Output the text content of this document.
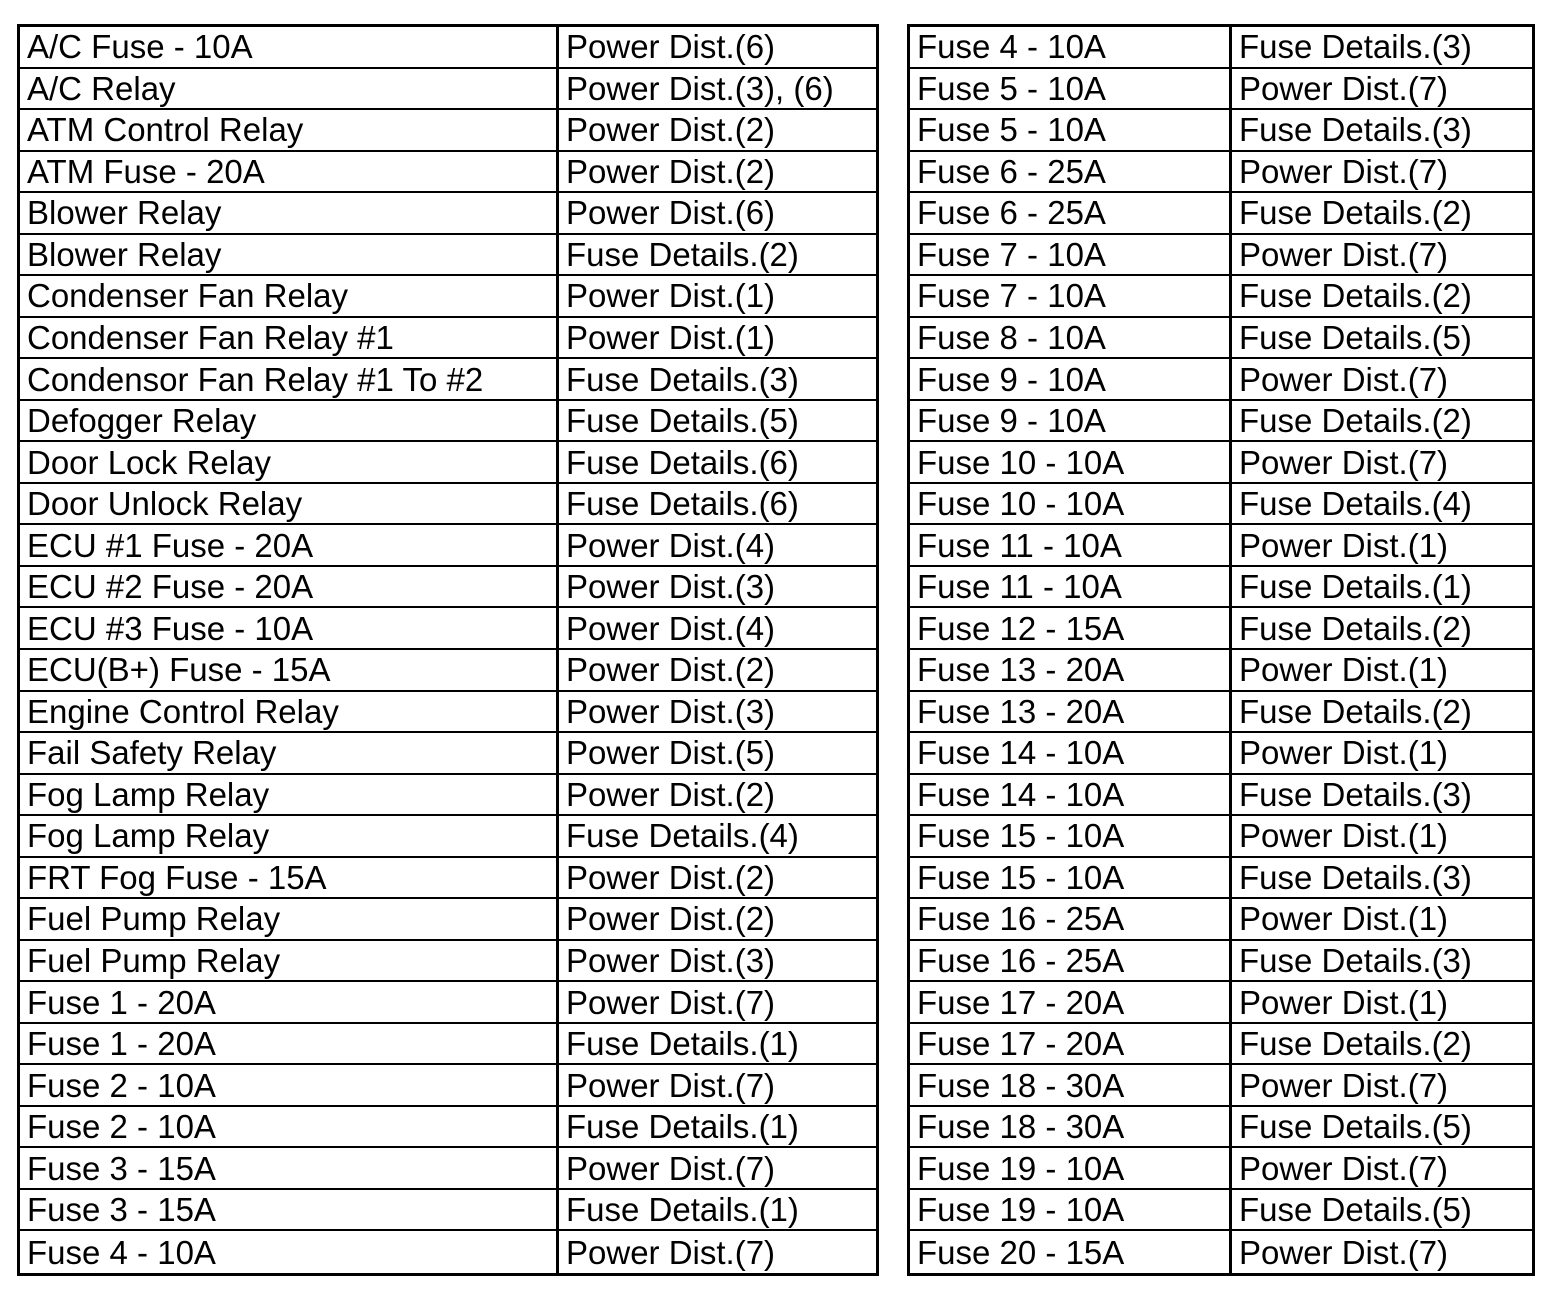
A/C Fuse - 10A	Power Dist.(6)
A/C Relay	Power Dist.(3), (6)
ATM Control Relay	Power Dist.(2)
ATM Fuse - 20A	Power Dist.(2)
Blower Relay	Power Dist.(6)
Blower Relay	Fuse Details.(2)
Condenser Fan Relay	Power Dist.(1)
Condenser Fan Relay #1	Power Dist.(1)
Condensor Fan Relay #1 To #2	Fuse Details.(3)
Defogger Relay	Fuse Details.(5)
Door Lock Relay	Fuse Details.(6)
Door Unlock Relay	Fuse Details.(6)
ECU #1 Fuse - 20A	Power Dist.(4)
ECU #2 Fuse - 20A	Power Dist.(3)
ECU #3 Fuse - 10A	Power Dist.(4)
ECU(B+) Fuse - 15A	Power Dist.(2)
Engine Control Relay	Power Dist.(3)
Fail Safety Relay	Power Dist.(5)
Fog Lamp Relay	Power Dist.(2)
Fog Lamp Relay	Fuse Details.(4)
FRT Fog Fuse - 15A	Power Dist.(2)
Fuel Pump Relay	Power Dist.(2)
Fuel Pump Relay	Power Dist.(3)
Fuse 1 - 20A	Power Dist.(7)
Fuse 1 - 20A	Fuse Details.(1)
Fuse 2 - 10A	Power Dist.(7)
Fuse 2 - 10A	Fuse Details.(1)
Fuse 3 - 15A	Power Dist.(7)
Fuse 3 - 15A	Fuse Details.(1)
Fuse 4 - 10A	Power Dist.(7)
Fuse 4 - 10A	Fuse Details.(3)
Fuse 5 - 10A	Power Dist.(7)
Fuse 5 - 10A	Fuse Details.(3)
Fuse 6 - 25A	Power Dist.(7)
Fuse 6 - 25A	Fuse Details.(2)
Fuse 7 - 10A	Power Dist.(7)
Fuse 7 - 10A	Fuse Details.(2)
Fuse 8 - 10A	Fuse Details.(5)
Fuse 9 - 10A	Power Dist.(7)
Fuse 9 - 10A	Fuse Details.(2)
Fuse 10 - 10A	Power Dist.(7)
Fuse 10 - 10A	Fuse Details.(4)
Fuse 11 - 10A	Power Dist.(1)
Fuse 11 - 10A	Fuse Details.(1)
Fuse 12 - 15A	Fuse Details.(2)
Fuse 13 - 20A	Power Dist.(1)
Fuse 13 - 20A	Fuse Details.(2)
Fuse 14 - 10A	Power Dist.(1)
Fuse 14 - 10A	Fuse Details.(3)
Fuse 15 - 10A	Power Dist.(1)
Fuse 15 - 10A	Fuse Details.(3)
Fuse 16 - 25A	Power Dist.(1)
Fuse 16 - 25A	Fuse Details.(3)
Fuse 17 - 20A	Power Dist.(1)
Fuse 17 - 20A	Fuse Details.(2)
Fuse 18 - 30A	Power Dist.(7)
Fuse 18 - 30A	Fuse Details.(5)
Fuse 19 - 10A	Power Dist.(7)
Fuse 19 - 10A	Fuse Details.(5)
Fuse 20 - 15A	Power Dist.(7)
